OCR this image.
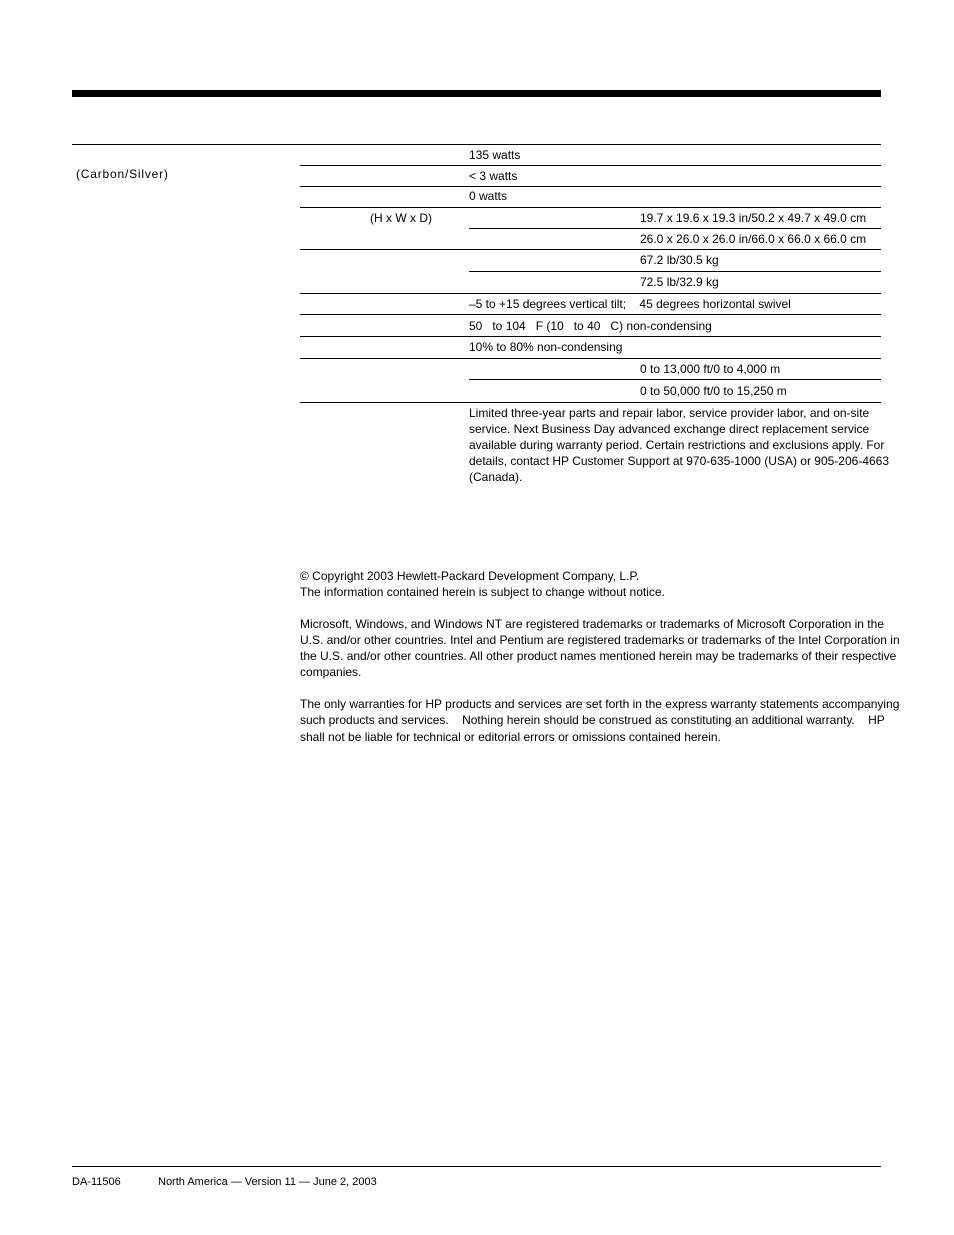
(Carbon/Silver)
135 watts
< 3 watts
0 watts
(H x W x D)	19.7 x 19.6 x 19.3 in/50.2 x 49.7 x 49.0 cm
26.0 x 26.0 x 26.0 in/66.0 x 66.0 x 66.0 cm
67.2 lb/30.5 kg
72.5 lb/32.9 kg
–5 to +15 degrees vertical tilt;    45 degrees horizontal swivel
50   to 104   F (10   to 40   C) non-condensing
10% to 80% non-condensing
0 to 13,000 ft/0 to 4,000 m
0 to 50,000 ft/0 to 15,250 m
Limited three-year parts and repair labor, service provider labor, and on-site
service. Next Business Day advanced exchange direct replacement service
available during warranty period. Certain restrictions and exclusions apply. For
details, contact HP Customer Support at 970-635-1000 (USA) or 905-206-4663
(Canada).
© Copyright 2003 Hewlett-Packard Development Company, L.P.
The information contained herein is subject to change without notice.
Microsoft, Windows, and Windows NT are registered trademarks or trademarks of Microsoft Corporation in the
U.S. and/or other countries. Intel and Pentium are registered trademarks or trademarks of the Intel Corporation in
the U.S. and/or other countries. All other product names mentioned herein may be trademarks of their respective
companies.
The only warranties for HP products and services are set forth in the express warranty statements accompanying
such products and services.    Nothing herein should be construed as constituting an additional warranty.    HP
shall not be liable for technical or editorial errors or omissions contained herein.
DA-11506	North America — Version 11 — June 2, 2003
